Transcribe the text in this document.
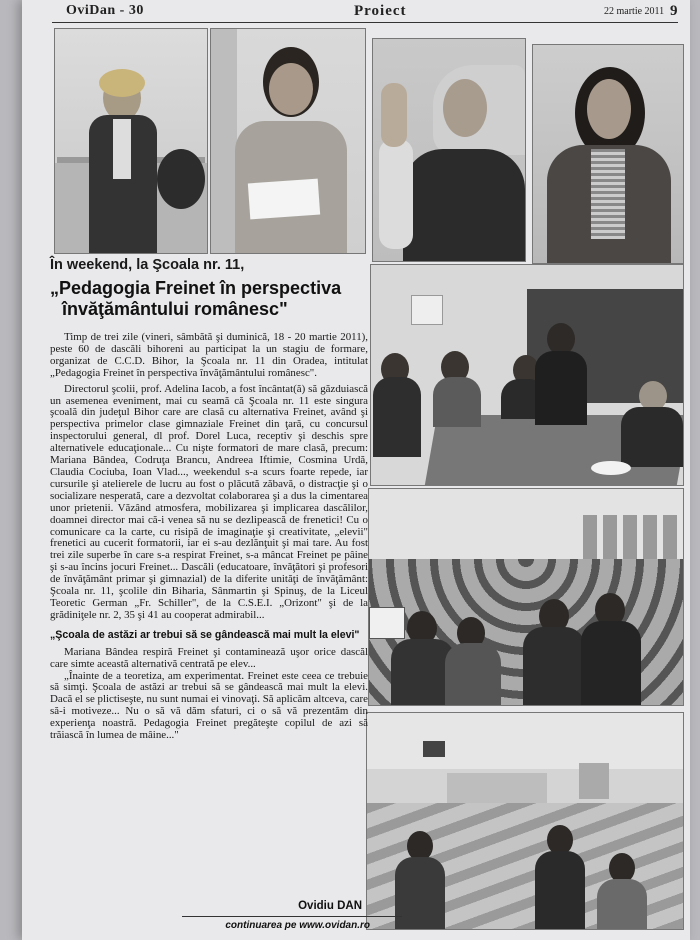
OviDan - 30	Proiect	22 martie 2011 9
În weekend, la Şcoala nr. 11,
„Pedagogia Freinet în perspectiva
învăţământului românesc"

Timp de trei zile (vineri, sâmbătă şi duminică, 18 - 20 martie 2011), peste 60 de dascăli bihoreni au participat la un stagiu de formare, organizat de C.C.D. Bihor, la Şcoala nr. 11 din Oradea, intitulat „Pedagogia Freinet în perspectiva învăţământului românesc".

Directorul şcolii, prof. Adelina Iacob, a fost încântat(ă) să găzduiască un asemenea eveniment, mai cu seamă că Şcoala nr. 11 este singura şcoală din judeţul Bihor care are clasă cu alternativa Freinet, având şi perspectiva primelor clase gimnaziale Freinet din ţară, cu concursul inspectorului general, dl prof. Dorel Luca, receptiv şi deschis spre alternativele educaţionale... Cu nişte formatori de mare clasă, precum: Mariana Bândea, Codruţa Brancu, Andreea Iftimie, Cosmina Urdă, Claudia Cociuba, Ioan Vlad..., weekendul s-a scurs foarte repede, iar cursurile şi atelierele de lucru au fost o plăcută zăbavă, o distracţie şi o socializare nesperată, care a dezvoltat colaborarea şi a dus la cimentarea unor prietenii. Văzând atmosfera, mobilizarea şi implicarea dascălilor, doamnei director mai că-i venea să nu se dezlipească de frenetici! Cu o comunicare ca la carte, cu risipă de imaginaţie şi creativitate, „elevii" frenetici au cucerit formatorii, iar ei s-au dezlănţuit şi mai tare. Au fost trei zile superbe în care s-a respirat Freinet, s-a mâncat Freinet pe pâine şi s-au încins jocuri Freinet... Dascăli (educatoare, învăţători şi profesori de învăţământ primar şi gimnazial) de la diferite unităţi de învăţământ: Şcoala nr. 11, şcolile din Biharia, Sânmartin şi Spinuş, de la Liceul Teoretic German „Fr. Schiller", de la C.S.E.I. „Orizont" şi de la grădiniţele nr. 2, 35 şi 41 au cooperat admirabil...

„Şcoala de astăzi ar trebui să se gândească mai mult la elevi"

Mariana Bândea respiră Freinet şi contaminează uşor orice dascăl care simte această alternativă centrată pe elev...

„Înainte de a teoretiza, am experimentat. Freinet este ceea ce trebuie să simţi. Şcoala de astăzi ar trebui să se gândească mai mult la elevi. Dacă el se plictiseşte, nu sunt numai ei vinovaţi. Să aplicăm altceva, care să-i motiveze... Nu o să vă dăm sfaturi, ci o să vă prezentăm din experienţa noastră. Pedagogia Freinet pregăteşte copilul de azi să trăiască în lumea de mâine..."

Ovidiu DAN
continuarea pe www.ovidan.ro
